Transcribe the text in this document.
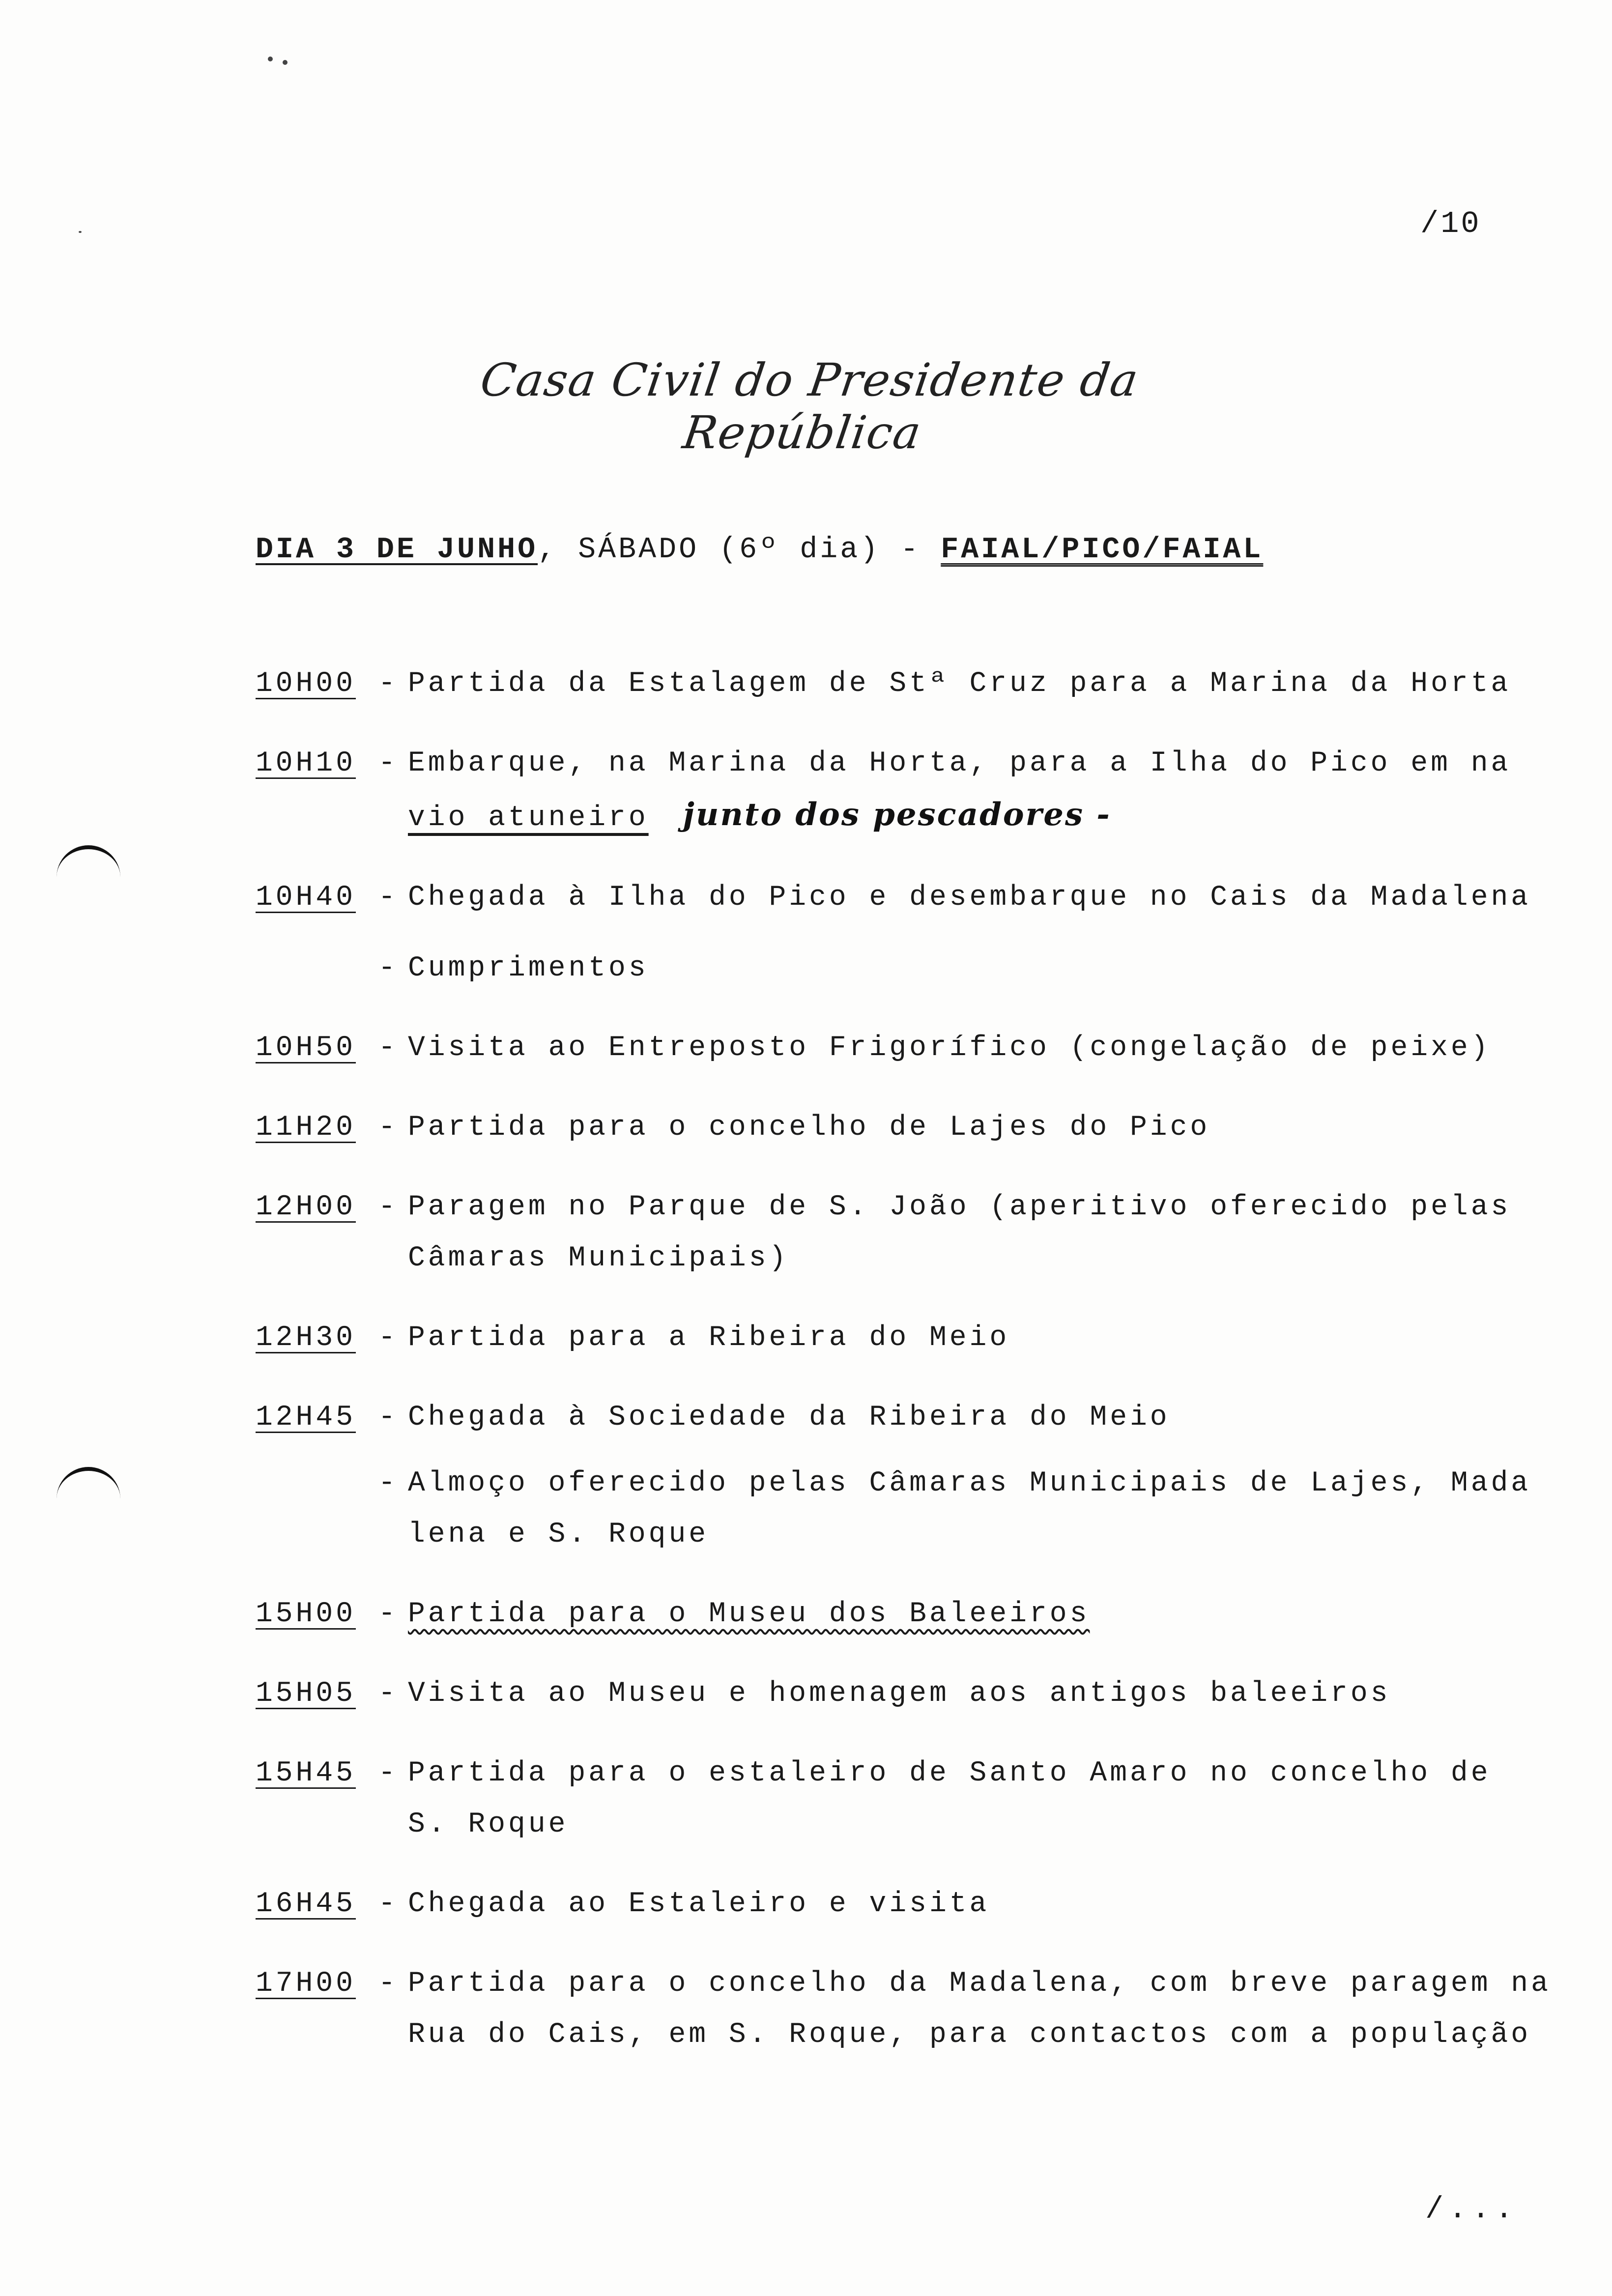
/10
Casa Civil do Presidente da República
DIA 3 DE JUNHO, SÁBADO (6º dia) - FAIAL/PICO/FAIAL
10H00 - Partida da Estalagem de Stª Cruz para a Marina da Horta
10H10 - Embarque, na Marina da Horta, para a Ilha do Pico em na
vio atuneiro junto dos pescadores -
10H40 - Chegada à Ilha do Pico e desembarque no Cais da Madalena
- Cumprimentos
10H50 - Visita ao Entreposto Frigorífico (congelação de peixe)
11H20 - Partida para o concelho de Lajes do Pico
12H00 - Paragem no Parque de S. João (aperitivo oferecido pelas
Câmaras Municipais)
12H30 - Partida para a Ribeira do Meio
12H45 - Chegada à Sociedade da Ribeira do Meio
- Almoço oferecido pelas Câmaras Municipais de Lajes, Mada
lena e S. Roque
15H00 - Partida para o Museu dos Baleeiros
15H05 - Visita ao Museu e homenagem aos antigos baleeiros
15H45 - Partida para o estaleiro de Santo Amaro no concelho de
S. Roque
16H45 - Chegada ao Estaleiro e visita
17H00 - Partida para o concelho da Madalena, com breve paragem na
Rua do Cais, em S. Roque, para contactos com a população
/...
